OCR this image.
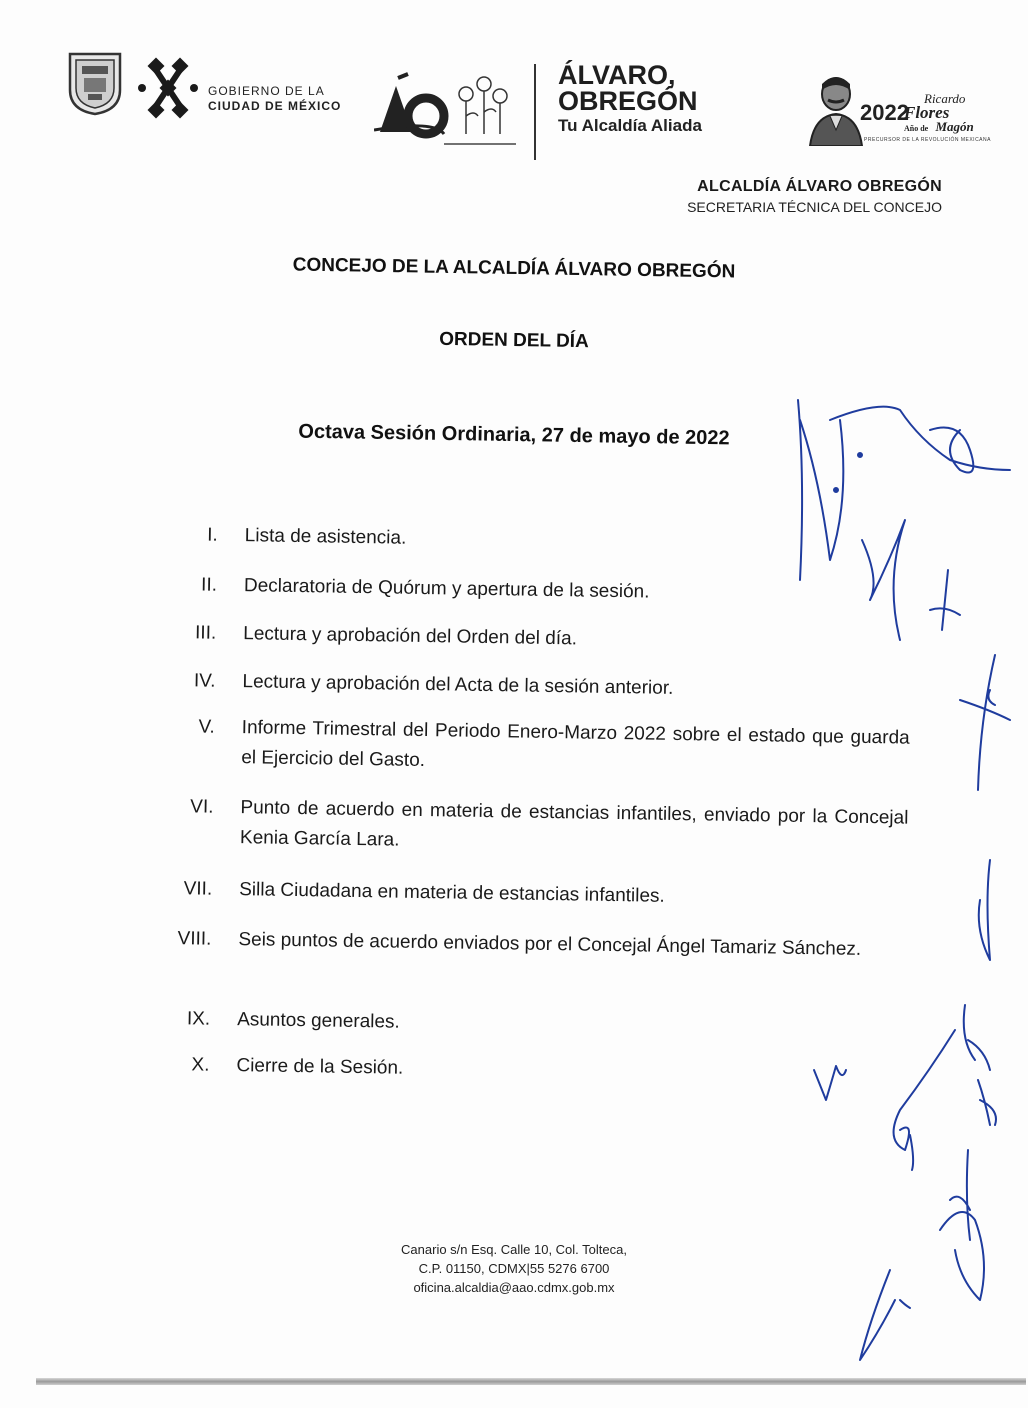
GOBIERNO DE LA
CIUDAD DE MÉXICO
ÁLVARO,
OBREGÓN
Tu Alcaldía Aliada
2022
Ricardo
Flores
Año de Magón
PRECURSOR DE LA REVOLUCIÓN MEXICANA
ALCALDÍA ÁLVARO OBREGÓN
SECRETARIA TÉCNICA DEL CONCEJO
CONCEJO DE LA ALCALDÍA ÁLVARO OBREGÓN
ORDEN DEL DÍA
Octava Sesión Ordinaria, 27 de mayo de 2022
I. Lista de asistencia.
II. Declaratoria de Quórum y apertura de la sesión.
III. Lectura y aprobación del Orden del día.
IV. Lectura y aprobación del Acta de la sesión anterior.
V. Informe Trimestral del Periodo Enero-Marzo 2022 sobre el estado que guarda el Ejercicio del Gasto.
VI. Punto de acuerdo en materia de estancias infantiles, enviado por la Concejal Kenia García Lara.
VII. Silla Ciudadana en materia de estancias infantiles.
VIII. Seis puntos de acuerdo enviados por el Concejal Ángel Tamariz Sánchez.
IX. Asuntos generales.
X. Cierre de la Sesión.
Canario s/n Esq. Calle 10, Col. Tolteca,
C.P. 01150, CDMX|55 5276 6700
oficina.alcaldia@aao.cdmx.gob.mx
